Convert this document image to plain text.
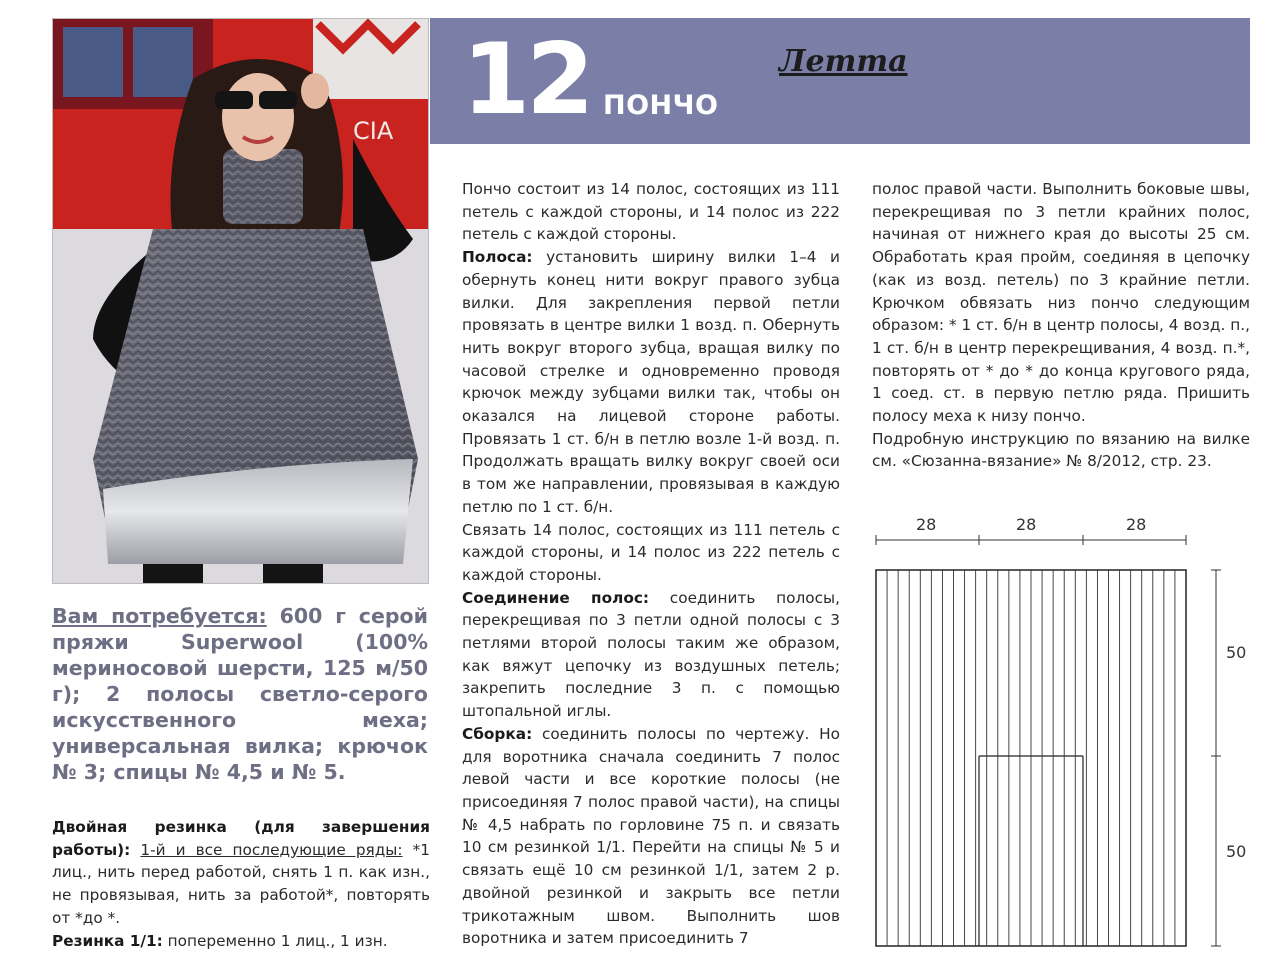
CIA 12 ПОНЧО
Летта
Вам потребуется: 600 г серой пряжи Superwool (100% мериносовой шерсти, 125 м/50 г); 2 полосы светло-серого искусственного меха; универсальная вилка; крючок № 3; спицы № 4,5 и № 5.

Двойная резинка (для завершения работы): 1-й и все последующие ряды: *1 лиц., нить перед работой, снять 1 п. как изн., не провязывая, нить за работой*, повторять от *до *.

Резинка 1/1: попеременно 1 лиц., 1 изн.

Пончо состоит из 14 полос, состоящих из 111 петель с каждой стороны, и 14 полос из 222 петель с каждой стороны.

Полоса: установить ширину вилки 1–4 и обернуть конец нити вокруг правого зубца вилки. Для закрепления первой петли провязать в центре вилки 1 возд. п. Обернуть нить вокруг второго зубца, вращая вилку по часовой стрелке и одновременно проводя крючок между зубцами вилки так, чтобы он оказался на лицевой стороне работы. Провязать 1 ст. б/н в петлю возле 1-й возд. п. Продолжать вращать вилку вокруг своей оси в том же направлении, провязывая в каждую петлю по 1 ст. б/н.

Связать 14 полос, состоящих из 111 петель с каждой стороны, и 14 полос из 222 петель с каждой стороны.

Соединение полос: соединить полосы, перекрещивая по 3 петли одной полосы с 3 петлями второй полосы таким же образом, как вяжут цепочку из воздушных петель; закрепить последние 3 п. с помощью штопальной иглы.

Сборка: соединить полосы по чертежу. Но для воротника сначала соединить 7 полос левой части и все короткие полосы (не присоединяя 7 полос правой части), на спицы № 4,5 набрать по горловине 75 п. и связать 10 см резинкой 1/1. Перейти на спицы № 5 и связать ещё 10 см резинкой 1/1, затем 2 р. двойной резинкой и закрыть все петли трикотажным швом. Выполнить шов воротника и затем присоединить 7

полос правой части. Выполнить боковые швы, перекрещивая по 3 петли крайних полос, начиная от нижнего края до высоты 25 см. Обработать края пройм, соединяя в цепочку (как из возд. петель) по 3 крайние петли. Крючком обвязать низ пончо следующим образом: * 1 ст. б/н в центр полосы, 4 возд. п., 1 ст. б/н в центр перекрещивания, 4 возд. п.*, повторять от * до * до конца кругового ряда, 1 соед. ст. в первую петлю ряда. Пришить полосу меха к низу пончо.

Подробную инструкцию по вязанию на вилке см. «Сюзанна-вязание» № 8/2012, стр. 23.

28	28	28
50
50
